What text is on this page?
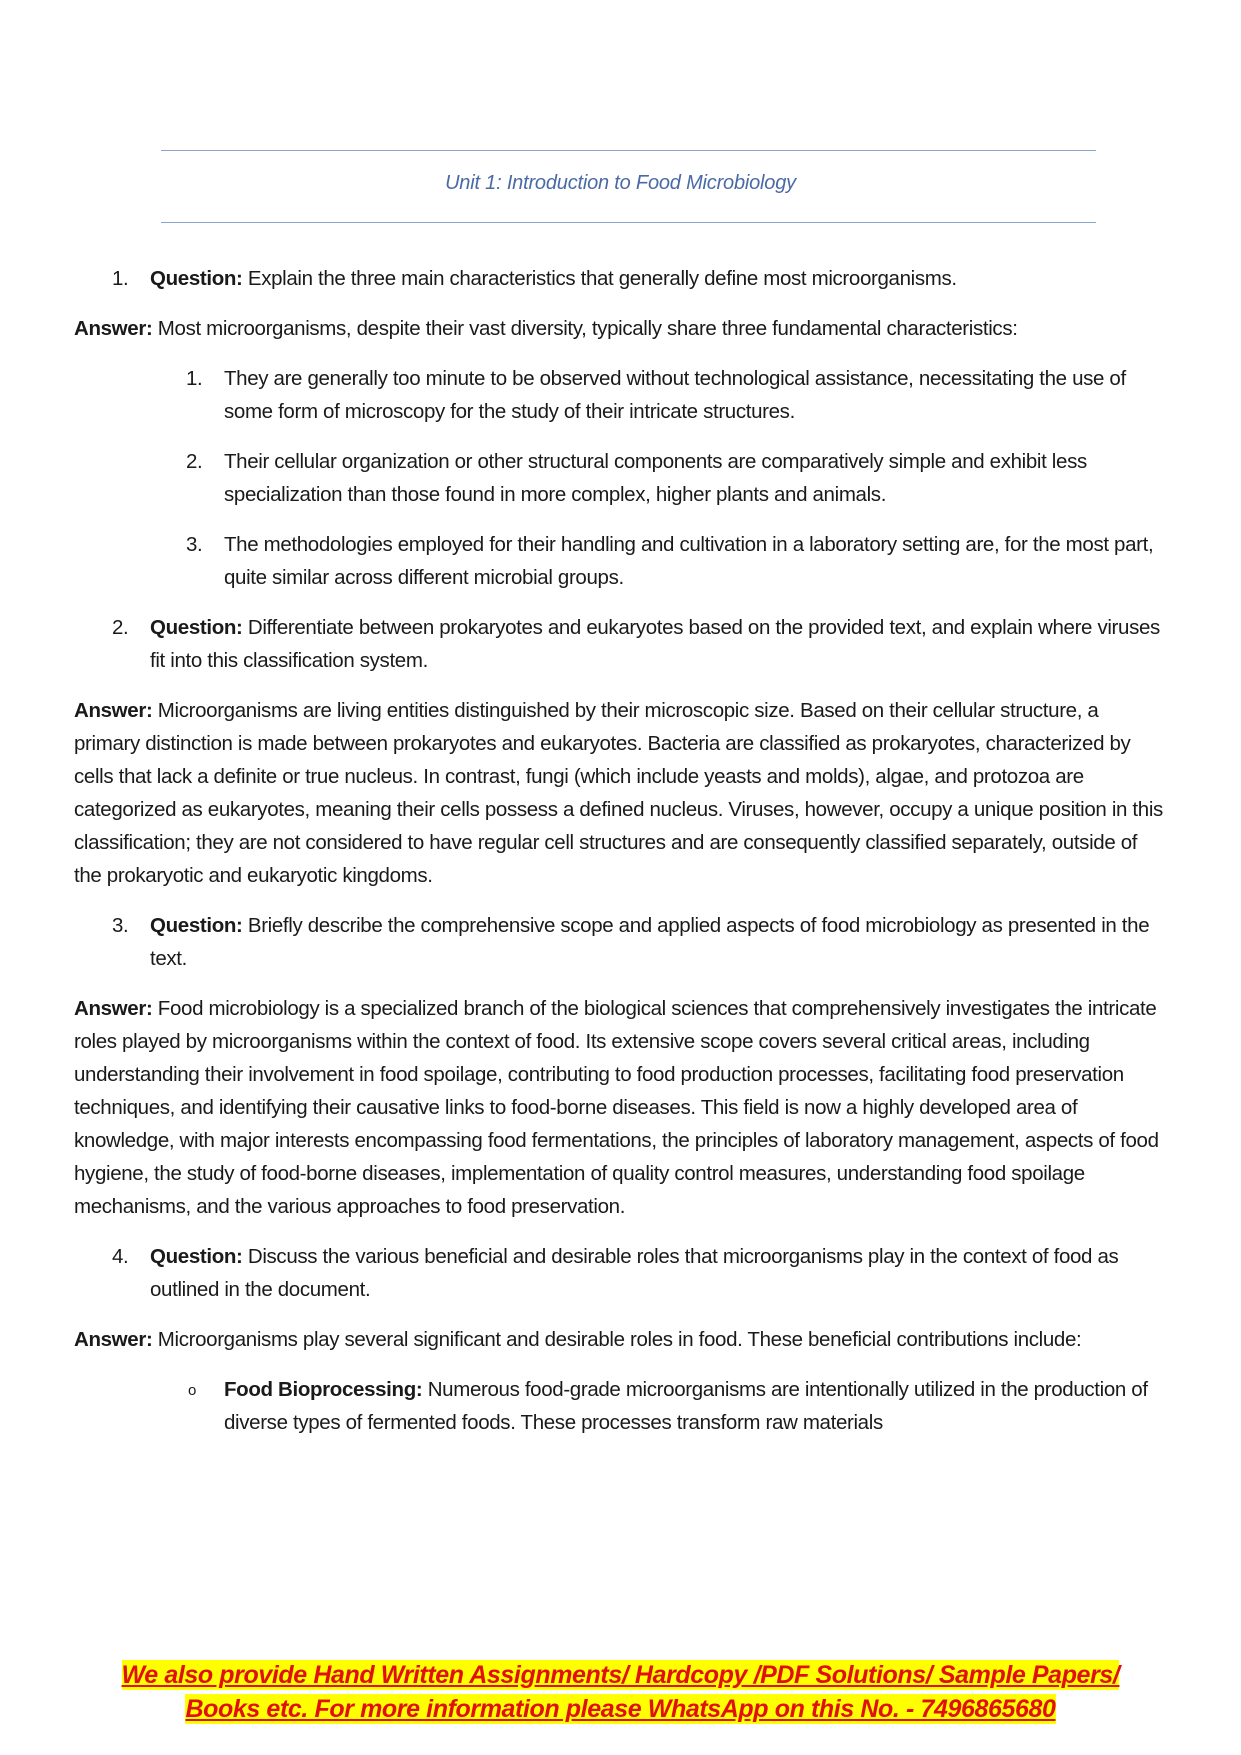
Unit 1: Introduction to Food Microbiology
1. Question: Explain the three main characteristics that generally define most microorganisms.
Answer: Most microorganisms, despite their vast diversity, typically share three fundamental characteristics:
1. They are generally too minute to be observed without technological assistance, necessitating the use of some form of microscopy for the study of their intricate structures.
2. Their cellular organization or other structural components are comparatively simple and exhibit less specialization than those found in more complex, higher plants and animals.
3. The methodologies employed for their handling and cultivation in a laboratory setting are, for the most part, quite similar across different microbial groups.
2. Question: Differentiate between prokaryotes and eukaryotes based on the provided text, and explain where viruses fit into this classification system.
Answer: Microorganisms are living entities distinguished by their microscopic size. Based on their cellular structure, a primary distinction is made between prokaryotes and eukaryotes. Bacteria are classified as prokaryotes, characterized by cells that lack a definite or true nucleus. In contrast, fungi (which include yeasts and molds), algae, and protozoa are categorized as eukaryotes, meaning their cells possess a defined nucleus. Viruses, however, occupy a unique position in this classification; they are not considered to have regular cell structures and are consequently classified separately, outside of the prokaryotic and eukaryotic kingdoms.
3. Question: Briefly describe the comprehensive scope and applied aspects of food microbiology as presented in the text.
Answer: Food microbiology is a specialized branch of the biological sciences that comprehensively investigates the intricate roles played by microorganisms within the context of food. Its extensive scope covers several critical areas, including understanding their involvement in food spoilage, contributing to food production processes, facilitating food preservation techniques, and identifying their causative links to food-borne diseases. This field is now a highly developed area of knowledge, with major interests encompassing food fermentations, the principles of laboratory management, aspects of food hygiene, the study of food-borne diseases, implementation of quality control measures, understanding food spoilage mechanisms, and the various approaches to food preservation.
4. Question: Discuss the various beneficial and desirable roles that microorganisms play in the context of food as outlined in the document.
Answer: Microorganisms play several significant and desirable roles in food. These beneficial contributions include:
o Food Bioprocessing: Numerous food-grade microorganisms are intentionally utilized in the production of diverse types of fermented foods. These processes transform raw materials
We also provide Hand Written Assignments/ Hardcopy /PDF Solutions/ Sample Papers/
Books etc. For more information please WhatsApp on this No. - 7496865680
